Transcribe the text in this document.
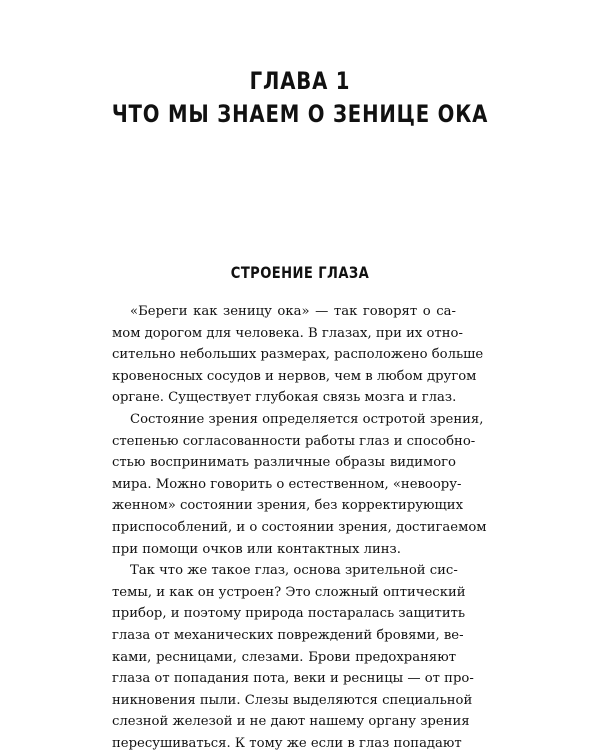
ГЛАВА 1
ЧТО МЫ ЗНАЕМ О ЗЕНИЦЕ ОКА
СТРОЕНИЕ ГЛАЗА
«Береги как зеницу ока» — так говорят о са-
мом дорогом для человека. В глазах, при их отно-
сительно небольших размерах, расположено больше
кровеносных сосудов и нервов, чем в любом другом
органе. Существует глубокая связь мозга и глаз.
Состояние зрения определяется остротой зрения,
степенью согласованности работы глаз и способно-
стью воспринимать различные образы видимого
мира. Можно говорить о естественном, «невоору-
женном» состоянии зрения, без корректирующих
приспособлений, и о состоянии зрения, достигаемом
при помощи очков или контактных линз.
Так что же такое глаз, основа зрительной сис-
темы, и как он устроен? Это сложный оптический
прибор, и поэтому природа постаралась защитить
глаза от механических повреждений бровями, ве-
ками, ресницами, слезами. Брови предохраняют
глаза от попадания пота, веки и ресницы — от про-
никновения пыли. Слезы выделяются специальной
слезной железой и не дают нашему органу зрения
пересушиваться. К тому же если в глаз попадают
